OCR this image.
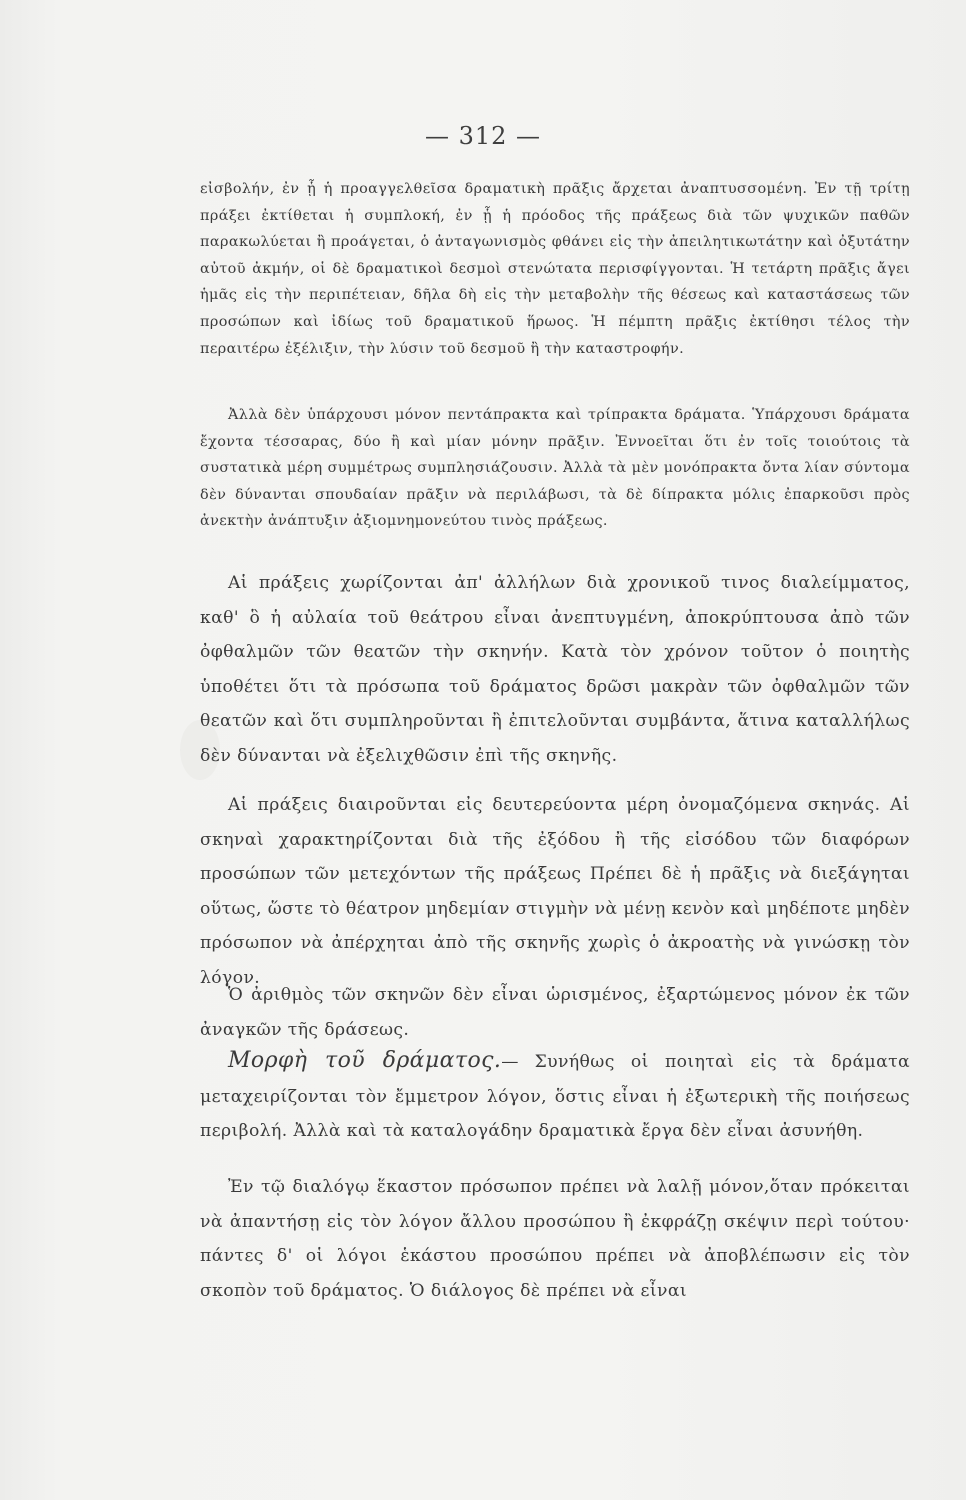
— 312 —

εἰσβολήν, ἐν ᾗ ἡ προαγγελθεῖσα δραματικὴ πρᾶξις ἄρχεται ἀναπτυσσομένη. Ἐν τῇ τρίτῃ πράξει ἐκτίθεται ἡ συμπλοκή, ἐν ᾗ ἡ πρόοδος τῆς πράξεως διὰ τῶν ψυχικῶν παθῶν παρακωλύεται ἢ προάγεται, ὁ ἀνταγωνισμὸς φθάνει εἰς τὴν ἀπειλητικωτάτην καὶ ὀξυτάτην αὐτοῦ ἀκμήν, οἱ δὲ δραματικοὶ δεσμοὶ στενώτατα περισφίγγονται. Ἡ τετάρτη πρᾶξις ἄγει ἡμᾶς εἰς τὴν περιπέτειαν, δῆλα δὴ εἰς τὴν μεταβολὴν τῆς θέσεως καὶ καταστάσεως τῶν προσώπων καὶ ἰδίως τοῦ δραματικοῦ ἥρωος. Ἡ πέμπτη πρᾶξις ἐκτίθησι τέλος τὴν περαιτέρω ἐξέλιξιν, τὴν λύσιν τοῦ δεσμοῦ ἢ τὴν καταστροφήν.

Ἀλλὰ δὲν ὑπάρχουσι μόνον πεντάπρακτα καὶ τρίπρακτα δράματα. Ὑπάρχουσι δράματα ἔχοντα τέσσαρας, δύο ἢ καὶ μίαν μόνην πρᾶξιν. Ἐννοεῖται ὅτι ἐν τοῖς τοιούτοις τὰ συστατικὰ μέρη συμμέτρως συμπλησιάζουσιν. Ἀλλὰ τὰ μὲν μονόπρακτα ὄντα λίαν σύντομα δὲν δύνανται σπουδαίαν πρᾶξιν νὰ περιλάβωσι, τὰ δὲ δίπρακτα μόλις ἐπαρκοῦσι πρὸς ἀνεκτὴν ἀνάπτυξιν ἀξιομνημονεύτου τινὸς πράξεως.

Αἱ πράξεις χωρίζονται ἀπ' ἀλλήλων διὰ χρονικοῦ τινος διαλείμματος, καθ' ὃ ἡ αὐλαία τοῦ θεάτρου εἶναι ἀνεπτυγμένη, ἀποκρύπτουσα ἀπὸ τῶν ὀφθαλμῶν τῶν θεατῶν τὴν σκηνήν. Κατὰ τὸν χρόνον τοῦτον ὁ ποιητὴς ὑποθέτει ὅτι τὰ πρόσωπα τοῦ δράματος δρῶσι μακρὰν τῶν ὀφθαλμῶν τῶν θεατῶν καὶ ὅτι συμπληροῦνται ἢ ἐπιτελοῦνται συμβάντα, ἅτινα καταλλήλως δὲν δύνανται νὰ ἐξελιχθῶσιν ἐπὶ τῆς σκηνῆς.

Αἱ πράξεις διαιροῦνται εἰς δευτερεύοντα μέρη ὀνομαζόμενα σκηνάς. Αἱ σκηναὶ χαρακτηρίζονται διὰ τῆς ἐξόδου ἢ τῆς εἰσόδου τῶν διαφόρων προσώπων τῶν μετεχόντων τῆς πράξεως Πρέπει δὲ ἡ πρᾶξις νὰ διεξάγηται οὕτως, ὥστε τὸ θέατρον μηδεμίαν στιγμὴν νὰ μένῃ κενὸν καὶ μηδέποτε μηδὲν πρόσωπον νὰ ἀπέρχηται ἀπὸ τῆς σκηνῆς χωρὶς ὁ ἀκροατὴς νὰ γινώσκῃ τὸν λόγον.

Ὁ ἀριθμὸς τῶν σκηνῶν δὲν εἶναι ὡρισμένος, ἐξαρτώμενος μόνον ἐκ τῶν ἀναγκῶν τῆς δράσεως.

Μορφὴ τοῦ δράματος.— Συνήθως οἱ ποιηταὶ εἰς τὰ δράματα μεταχειρίζονται τὸν ἔμμετρον λόγον, ὅστις εἶναι ἡ ἐξωτερικὴ τῆς ποιήσεως περιβολή. Ἀλλὰ καὶ τὰ καταλογάδην δραματικὰ ἔργα δὲν εἶναι ἀσυνήθη.

Ἐν τῷ διαλόγῳ ἕκαστον πρόσωπον πρέπει νὰ λαλῇ μόνον,ὅταν πρόκειται νὰ ἀπαντήσῃ εἰς τὸν λόγον ἄλλου προσώπου ἢ ἐκφράζῃ σκέψιν περὶ τούτου· πάντες δ' οἱ λόγοι ἑκάστου προσώπου πρέπει νὰ ἀποβλέπωσιν εἰς τὸν σκοπὸν τοῦ δράματος. Ὁ διάλογος δὲ πρέπει νὰ εἶναι
